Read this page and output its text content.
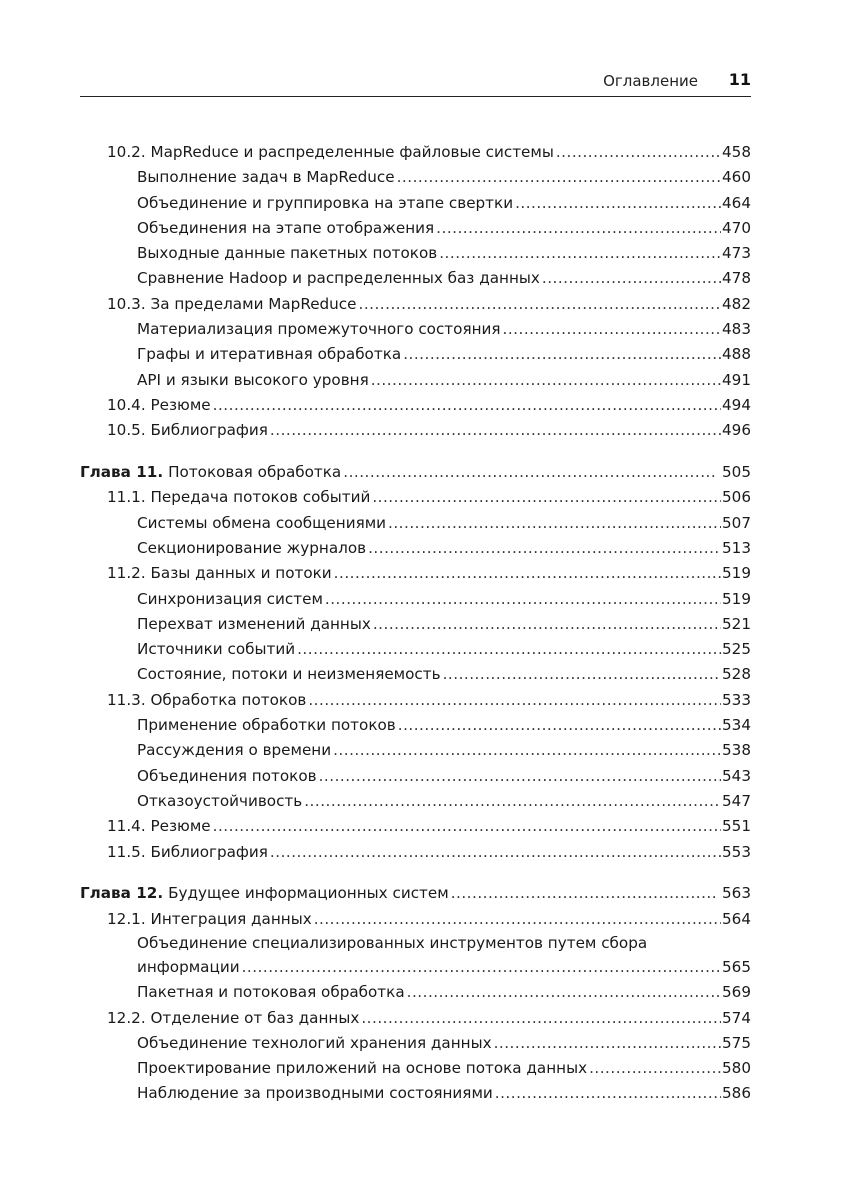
Оглавление 11
10.2. MapReduce и распределенные файловые системы .....	458
Выполнение задач в MapReduce .....	460
Объединение и группировка на этапе свертки .....	464
Объединения на этапе отображения .....	470
Выходные данные пакетных потоков .....	473
Сравнение Hadoop и распределенных баз данных .....	478
10.3. За пределами MapReduce .....	482
Материализация промежуточного состояния .....	483
Графы и итеративная обработка .....	488
API и языки высокого уровня .....	491
10.4. Резюме .....	494
10.5. Библиография .....	496
Глава 11. Потоковая обработка .....	505
11.1. Передача потоков событий .....	506
Системы обмена сообщениями .....	507
Секционирование журналов .....	513
11.2. Базы данных и потоки .....	519
Синхронизация систем .....	519
Перехват изменений данных .....	521
Источники событий .....	525
Состояние, потоки и неизменяемость .....	528
11.3. Обработка потоков .....	533
Применение обработки потоков .....	534
Рассуждения о времени .....	538
Объединения потоков .....	543
Отказоустойчивость .....	547
11.4. Резюме .....	551
11.5. Библиография .....	553
Глава 12. Будущее информационных систем .....	563
12.1. Интеграция данных .....	564
Объединение специализированных инструментов путем сбора
информации .....	565
Пакетная и потоковая обработка .....	569
12.2. Отделение от баз данных .....	574
Объединение технологий хранения данных .....	575
Проектирование приложений на основе потока данных .....	580
Наблюдение за производными состояниями .....	586
